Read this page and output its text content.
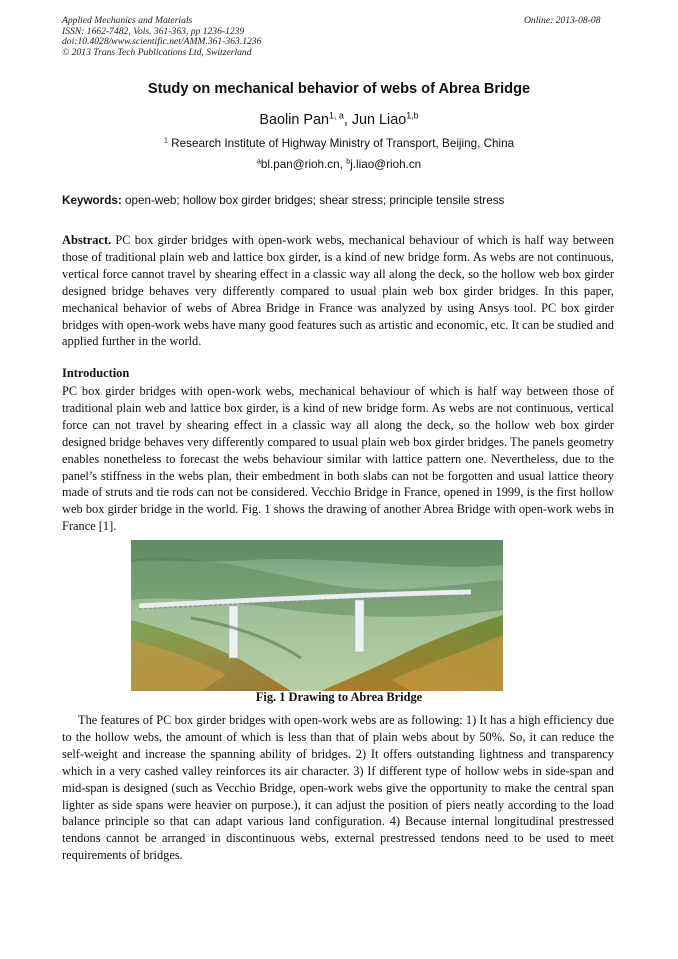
Applied Mechanics and Materials
ISSN: 1662-7482, Vols. 361-363, pp 1236-1239
doi:10.4028/www.scientific.net/AMM.361-363.1236
© 2013 Trans Tech Publications Ltd, Switzerland
Online: 2013-08-08
Study on mechanical behavior of webs of Abrea Bridge
Baolin Pan$^{1, a}$, Jun Liao$^{1,b}$
$^1$ Research Institute of Highway Ministry of Transport, Beijing, China
$^a$bl.pan@rioh.cn, $^b$j.liao@rioh.cn
Keywords: open-web; hollow box girder bridges; shear stress; principle tensile stress
Abstract. PC box girder bridges with open-work webs, mechanical behaviour of which is half way between those of traditional plain web and lattice box girder, is a kind of new bridge form. As webs are not continuous, vertical force cannot travel by shearing effect in a classic way all along the deck, so the hollow web box girder designed bridge behaves very differently compared to usual plain web box girder bridges. In this paper, mechanical behavior of webs of Abrea Bridge in France was analyzed by using Ansys tool. PC box girder bridges with open-work webs have many good features such as artistic and economic, etc. It can be studied and applied further in the world.
Introduction
PC box girder bridges with open-work webs, mechanical behaviour of which is half way between those of traditional plain web and lattice box girder, is a kind of new bridge form. As webs are not continuous, vertical force can not travel by shearing effect in a classic way all along the deck, so the hollow web box girder designed bridge behaves very differently compared to usual plain web box girder bridges. The panels geometry enables nonetheless to forecast the webs behaviour similar with lattice pattern one. Nevertheless, due to the panel’s stiffness in the webs plan, their embedment in both slabs can not be forgotten and usual lattice theory made of struts and tie rods can not be considered. Vecchio Bridge in France, opened in 1999, is the first hollow web box girder bridge in the world. Fig. 1 shows the drawing of another Abrea Bridge with open-work webs in France [1].
Fig. 1 Drawing to Abrea Bridge
The features of PC box girder bridges with open-work webs are as following: 1) It has a high efficiency due to the hollow webs, the amount of which is less than that of plain webs about by 50%. So, it can reduce the self-weight and increase the spanning ability of bridges. 2) It offers outstanding lightness and transparency which in a very cashed valley reinforces its air character. 3) If different type of hollow webs in side-span and mid-span is designed (such as Vecchio Bridge, open-work webs give the opportunity to make the central span lighter as side spans were heavier on purpose.), it can adjust the position of piers neatly according to the load balance principle so that can adapt various land configuration. 4) Because internal longitudinal prestressed tendons cannot be arranged in discontinuous webs, external prestressed tendons need to be used to meet requirements of bridges.
